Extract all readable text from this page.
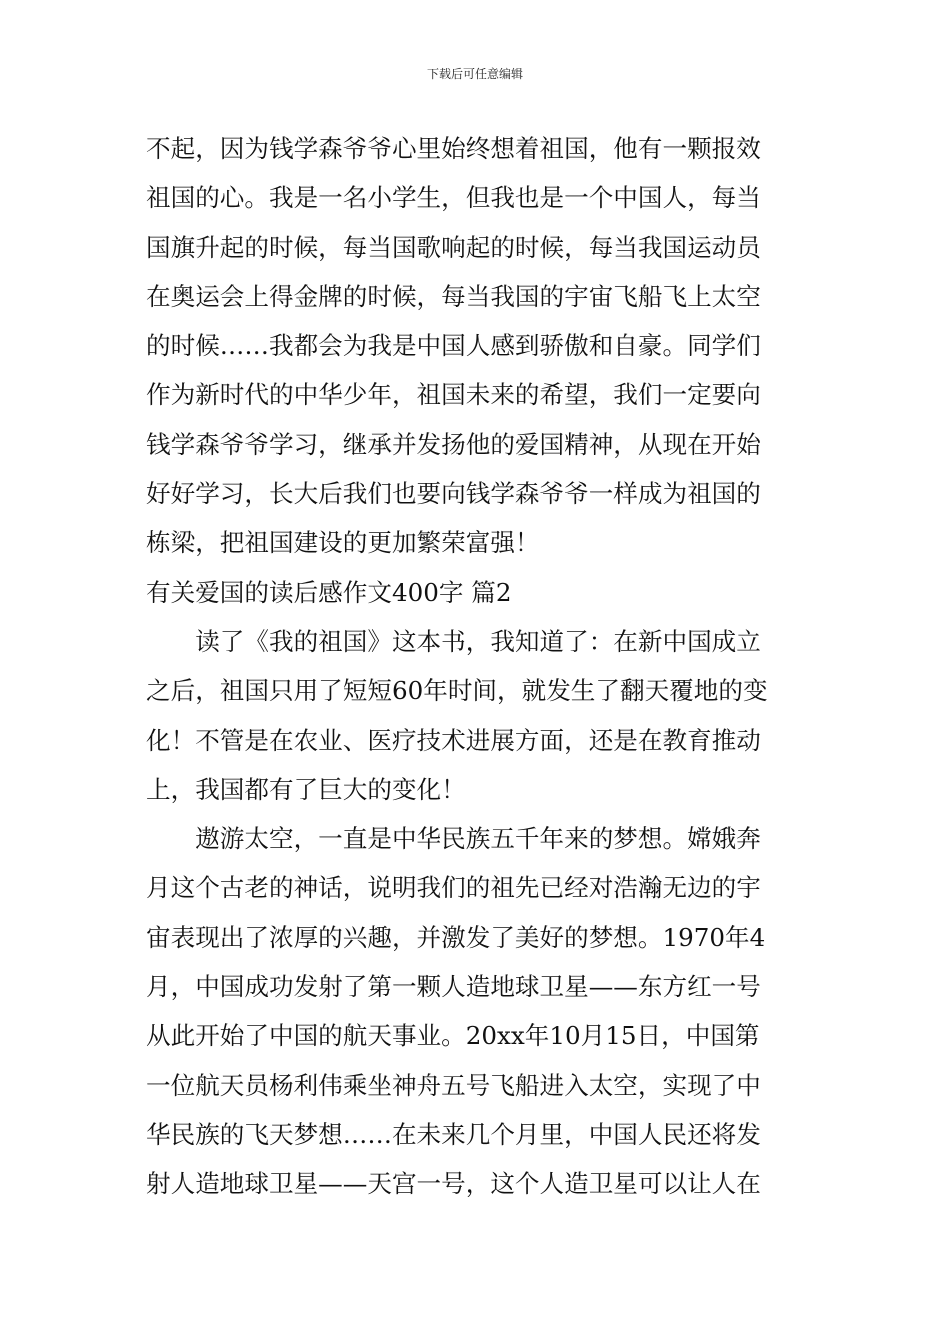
下载后可任意编辑
不起，因为钱学森爷爷心里始终想着祖国，他有一颗报效
祖国的心。我是一名小学生，但我也是一个中国人，每当
国旗升起的时候，每当国歌响起的时候，每当我国运动员
在奥运会上得金牌的时候，每当我国的宇宙飞船飞上太空
的时候……我都会为我是中国人感到骄傲和自豪。同学们
作为新时代的中华少年，祖国未来的希望，我们一定要向
钱学森爷爷学习，继承并发扬他的爱国精神，从现在开始
好好学习，长大后我们也要向钱学森爷爷一样成为祖国的
栋梁，把祖国建设的更加繁荣富强！
有关爱国的读后感作文400字 篇2
　　读了《我的祖国》这本书，我知道了：在新中国成立
之后，祖国只用了短短60年时间，就发生了翻天覆地的变
化！不管是在农业、医疗技术进展方面，还是在教育推动
上，我国都有了巨大的变化！
　　遨游太空，一直是中华民族五千年来的梦想。嫦娥奔
月这个古老的神话，说明我们的祖先已经对浩瀚无边的宇
宙表现出了浓厚的兴趣，并激发了美好的梦想。1970年4
月，中国成功发射了第一颗人造地球卫星——东方红一号
从此开始了中国的航天事业。20xx年10月15日，中国第
一位航天员杨利伟乘坐神舟五号飞船进入太空，实现了中
华民族的飞天梦想……在未来几个月里，中国人民还将发
射人造地球卫星——天宫一号，这个人造卫星可以让人在
